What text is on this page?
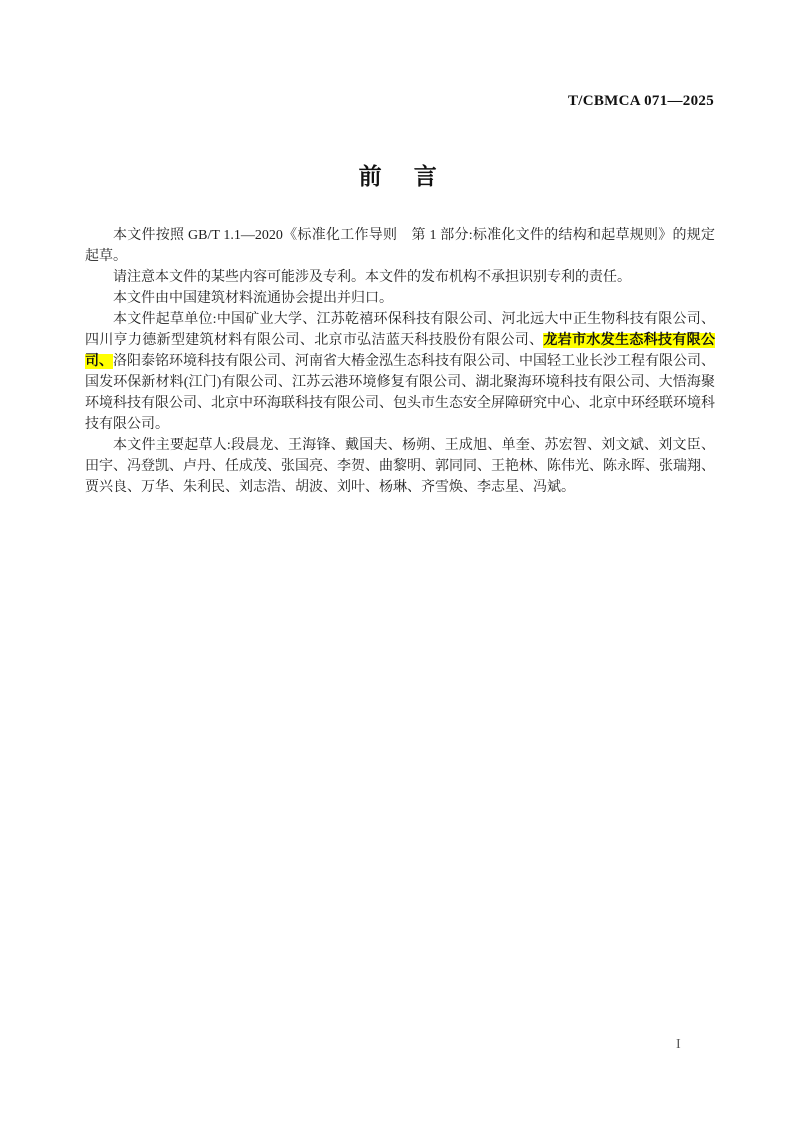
T/CBMCA 071—2025
前　言

本文件按照 GB/T 1.1—2020《标准化工作导则　第 1 部分:标准化文件的结构和起草规则》的规定起草。

请注意本文件的某些内容可能涉及专利。本文件的发布机构不承担识别专利的责任。

本文件由中国建筑材料流通协会提出并归口。

本文件起草单位:中国矿业大学、江苏乾禧环保科技有限公司、河北远大中正生物科技有限公司、四川亨力德新型建筑材料有限公司、北京市弘洁蓝天科技股份有限公司、龙岩市水发生态科技有限公司、洛阳泰铭环境科技有限公司、河南省大椿金泓生态科技有限公司、中国轻工业长沙工程有限公司、国发环保新材料(江门)有限公司、江苏云港环境修复有限公司、湖北聚海环境科技有限公司、大悟海聚环境科技有限公司、北京中环海联科技有限公司、包头市生态安全屏障研究中心、北京中环经联环境科技有限公司。

本文件主要起草人:段晨龙、王海锋、戴国夫、杨朔、王成旭、单奎、苏宏智、刘文斌、刘文臣、田宇、冯登凯、卢丹、任成茂、张国亮、李贺、曲黎明、郭同同、王艳林、陈伟光、陈永晖、张瑞翔、贾兴良、万华、朱利民、刘志浩、胡波、刘叶、杨琳、齐雪焕、李志星、冯斌。

I
